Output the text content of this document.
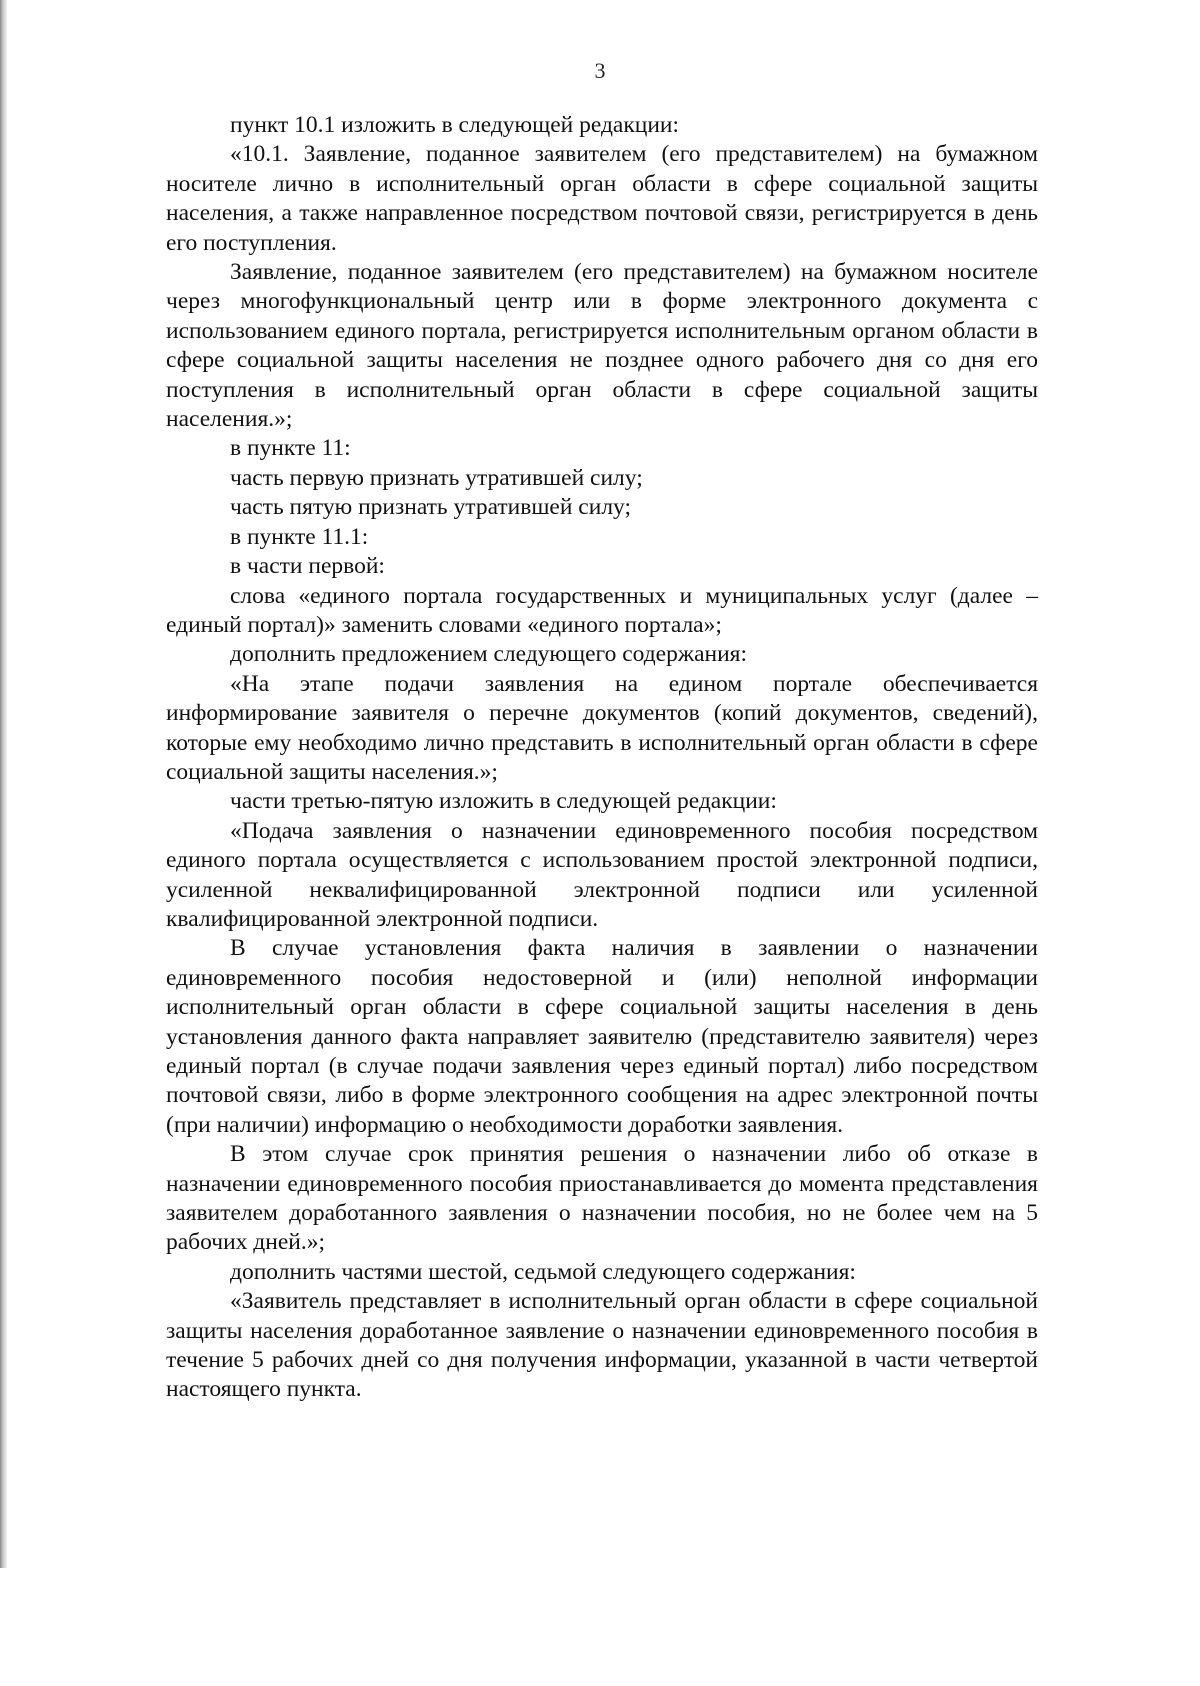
3

пункт 10.1 изложить в следующей редакции:

«10.1. Заявление, поданное заявителем (его представителем) на бумажном носителе лично в исполнительный орган области в сфере социальной защиты населения, а также направленное посредством почтовой связи, регистрируется в день его поступления.

Заявление, поданное заявителем (его представителем) на бумажном носителе через многофункциональный центр или в форме электронного документа с использованием единого портала, регистрируется исполнительным органом области в сфере социальной защиты населения не позднее одного рабочего дня со дня его поступления в исполнительный орган области в сфере социальной защиты населения.»;

в пункте 11:

часть первую признать утратившей силу;

часть пятую признать утратившей силу;

в пункте 11.1:

в части первой:

слова «единого портала государственных и муниципальных услуг (далее – единый портал)» заменить словами «единого портала»;

дополнить предложением следующего содержания:

«На этапе подачи заявления на едином портале обеспечивается информирование заявителя о перечне документов (копий документов, сведений), которые ему необходимо лично представить в исполнительный орган области в сфере социальной защиты населения.»;

части третью-пятую изложить в следующей редакции:

«Подача заявления о назначении единовременного пособия посредством единого портала осуществляется с использованием простой электронной подписи, усиленной неквалифицированной электронной подписи или усиленной квалифицированной электронной подписи.

В случае установления факта наличия в заявлении о назначении единовременного пособия недостоверной и (или) неполной информации исполнительный орган области в сфере социальной защиты населения в день установления данного факта направляет заявителю (представителю заявителя) через единый портал (в случае подачи заявления через единый портал) либо посредством почтовой связи, либо в форме электронного сообщения на адрес электронной почты (при наличии) информацию о необходимости доработки заявления.

В этом случае срок принятия решения о назначении либо об отказе в назначении единовременного пособия приостанавливается до момента представления заявителем доработанного заявления о назначении пособия, но не более чем на 5 рабочих дней.»;

дополнить частями шестой, седьмой следующего содержания:

«Заявитель представляет в исполнительный орган области в сфере социальной защиты населения доработанное заявление о назначении единовременного пособия в течение 5 рабочих дней со дня получения информации, указанной в части четвертой настоящего пункта.
